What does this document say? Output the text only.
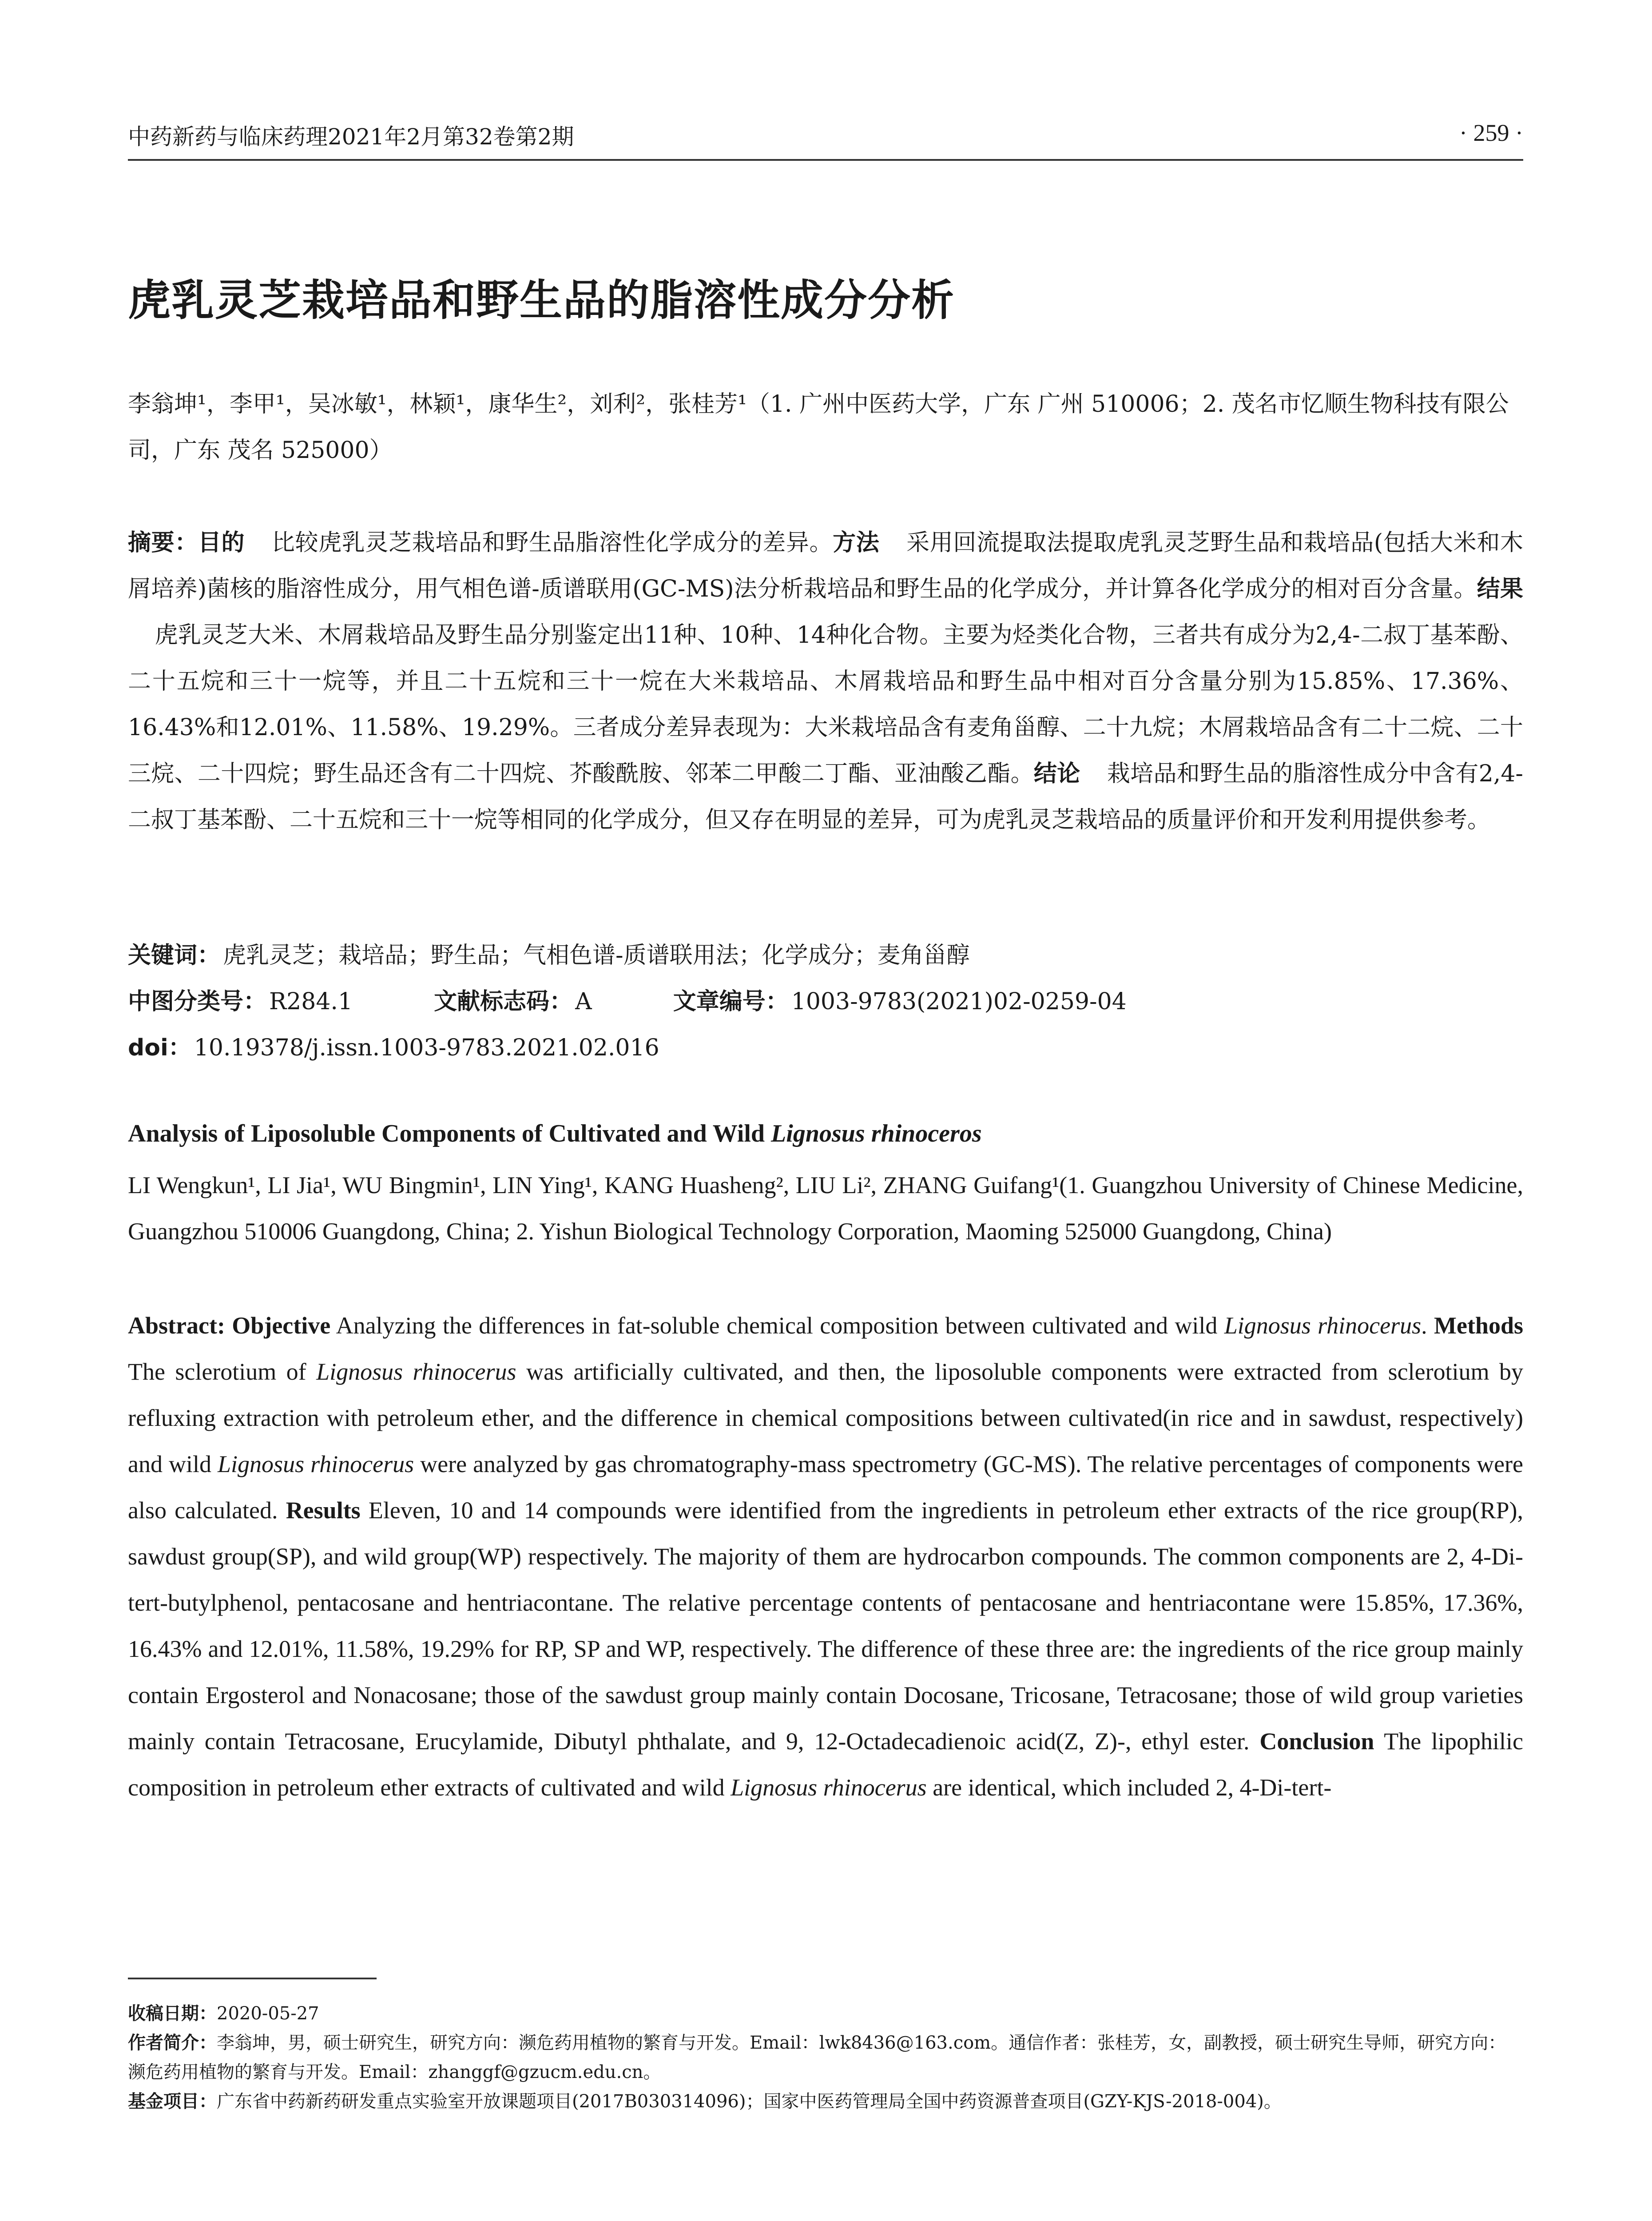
中药新药与临床药理2021年2月第32卷第2期	· 259 ·
虎乳灵芝栽培品和野生品的脂溶性成分分析
李翁坤¹，李甲¹，吴冰敏¹，林颖¹，康华生²，刘利²，张桂芳¹（1. 广州中医药大学，广东 广州 510006；2. 茂名市忆顺生物科技有限公司，广东 茂名 525000）

摘要：目的 比较虎乳灵芝栽培品和野生品脂溶性化学成分的差异。方法 采用回流提取法提取虎乳灵芝野生品和栽培品(包括大米和木屑培养)菌核的脂溶性成分，用气相色谱-质谱联用(GC-MS)法分析栽培品和野生品的化学成分，并计算各化学成分的相对百分含量。结果虎乳灵芝大米、木屑栽培品及野生品分别鉴定出11种、10种、14种化合物。主要为烃类化合物，三者共有成分为2,4-二叔丁基苯酚、二十五烷和三十一烷等，并且二十五烷和三十一烷在大米栽培品、木屑栽培品和野生品中相对百分含量分别为15.85%、17.36%、16.43%和12.01%、11.58%、19.29%。三者成分差异表现为：大米栽培品含有麦角甾醇、二十九烷；木屑栽培品含有二十二烷、二十三烷、二十四烷；野生品还含有二十四烷、芥酸酰胺、邻苯二甲酸二丁酯、亚油酸乙酯。结论 栽培品和野生品的脂溶性成分中含有2,4-二叔丁基苯酚、二十五烷和三十一烷等相同的化学成分，但又存在明显的差异，可为虎乳灵芝栽培品的质量评价和开发利用提供参考。

关键词： 虎乳灵芝；栽培品；野生品；气相色谱-质谱联用法；化学成分；麦角甾醇
中图分类号： R284.1	文献标志码： A	文章编号： 1003-9783(2021)02-0259-04
doi： 10.19378/j.issn.1003-9783.2021.02.016
Analysis of Liposoluble Components of Cultivated and Wild Lignosus rhinoceros
LI Wengkun¹, LI Jia¹, WU Bingmin¹, LIN Ying¹, KANG Huasheng², LIU Li², ZHANG Guifang¹(1. Guangzhou University of Chinese Medicine, Guangzhou 510006 Guangdong, China; 2. Yishun Biological Technology Corporation, Maoming 525000 Guangdong, China)

Abstract: Objective Analyzing the differences in fat-soluble chemical composition between cultivated and wild Lignosus rhinocerus. Methods The sclerotium of Lignosus rhinocerus was artificially cultivated, and then, the liposoluble components were extracted from sclerotium by refluxing extraction with petroleum ether, and the difference in chemical compositions between cultivated(in rice and in sawdust, respectively) and wild Lignosus rhinocerus were analyzed by gas chromatography-mass spectrometry (GC-MS). The relative percentages of components were also calculated. Results Eleven, 10 and 14 compounds were identified from the ingredients in petroleum ether extracts of the rice group(RP), sawdust group(SP), and wild group(WP) respectively. The majority of them are hydrocarbon compounds. The common components are 2, 4-Di-tert-butylphenol, pentacosane and hentriacontane. The relative percentage contents of pentacosane and hentriacontane were 15.85%, 17.36%, 16.43% and 12.01%, 11.58%, 19.29% for RP, SP and WP, respectively. The difference of these three are: the ingredients of the rice group mainly contain Ergosterol and Nonacosane; those of the sawdust group mainly contain Docosane, Tricosane, Tetracosane; those of wild group varieties mainly contain Tetracosane, Erucylamide, Dibutyl phthalate, and 9, 12-Octadecadienoic acid(Z, Z)-, ethyl ester. Conclusion The lipophilic composition in petroleum ether extracts of cultivated and wild Lignosus rhinocerus are identical, which included 2, 4-Di-tert-

收稿日期：2020-05-27

作者简介：李翁坤，男，硕士研究生，研究方向：濒危药用植物的繁育与开发。Email：lwk8436@163.com。通信作者：张桂芳，女，副教授，硕士研究生导师，研究方向：濒危药用植物的繁育与开发。Email：zhanggf@gzucm.edu.cn。

基金项目：广东省中药新药研发重点实验室开放课题项目(2017B030314096)；国家中医药管理局全国中药资源普查项目(GZY-KJS-2018-004)。
